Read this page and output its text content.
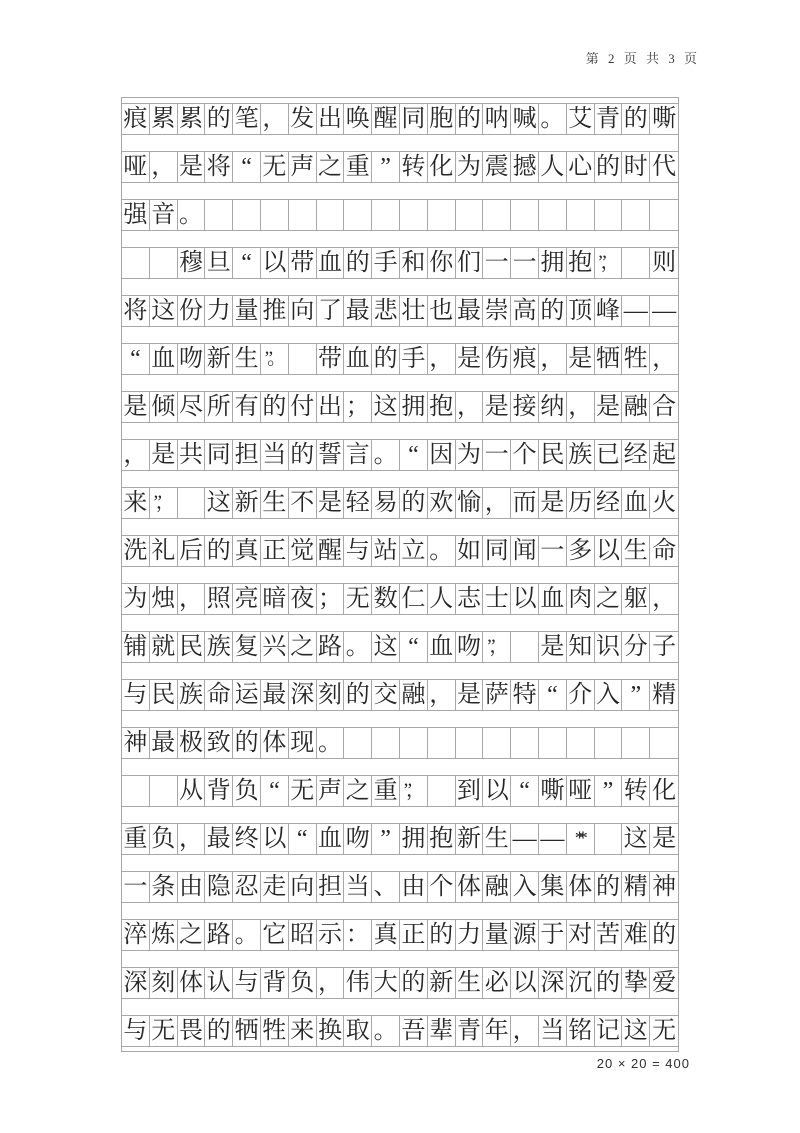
第 2 页 共 3 页
痕 累 累 的 笔 ， 发 出 唤 醒 同 胞 的 呐 喊 。 艾 青 的 嘶
哑 ， 是 将 “ 无 声 之 重 ” 转 化 为 震 撼 人 心 的 时 代
强 音 。
穆 旦 “ 以 带 血 的 手 和 你 们 一 一 拥 抱 ”， 则
将 这 份 力 量 推 向 了 最 悲 壮 也 最 崇 高 的 顶 峰 — —
“ 血 吻 新 生 ”。 带 血 的 手 ， 是 伤 痕 ， 是 牺 牲 ，
是 倾 尽 所 有 的 付 出 ； 这 拥 抱 ， 是 接 纳 ， 是 融 合
， 是 共 同 担 当 的 誓 言 。 “ 因 为 一 个 民 族 已 经 起
来 ”， 这 新 生 不 是 轻 易 的 欢 愉 ， 而 是 历 经 血 火
洗 礼 后 的 真 正 觉 醒 与 站 立 。 如 同 闻 一 多 以 生 命
为 烛 ， 照 亮 暗 夜 ； 无 数 仁 人 志 士 以 血 肉 之 躯 ，
铺 就 民 族 复 兴 之 路 。 这 “ 血 吻 ”， 是 知 识 分 子
与 民 族 命 运 最 深 刻 的 交 融 ， 是 萨 特 “ 介 入 ” 精
神 最 极 致 的 体 现 。
从 背 负 “ 无 声 之 重 ”， 到 以 “ 嘶 哑 ” 转 化
重 负 ， 最 终 以 “ 血 吻 ” 拥 抱 新 生 — — ** 这 是
一 条 由 隐 忍 走 向 担 当 、 由 个 体 融 入 集 体 的 精 神
淬 炼 之 路 。 它 昭 示 ： 真 正 的 力 量 源 于 对 苦 难 的
深 刻 体 认 与 背 负 ， 伟 大 的 新 生 必 以 深 沉 的 挚 爱
与 无 畏 的 牺 牲 来 换 取 。 吾 辈 青 年 ， 当 铭 记 这 无
20 × 20 = 400
